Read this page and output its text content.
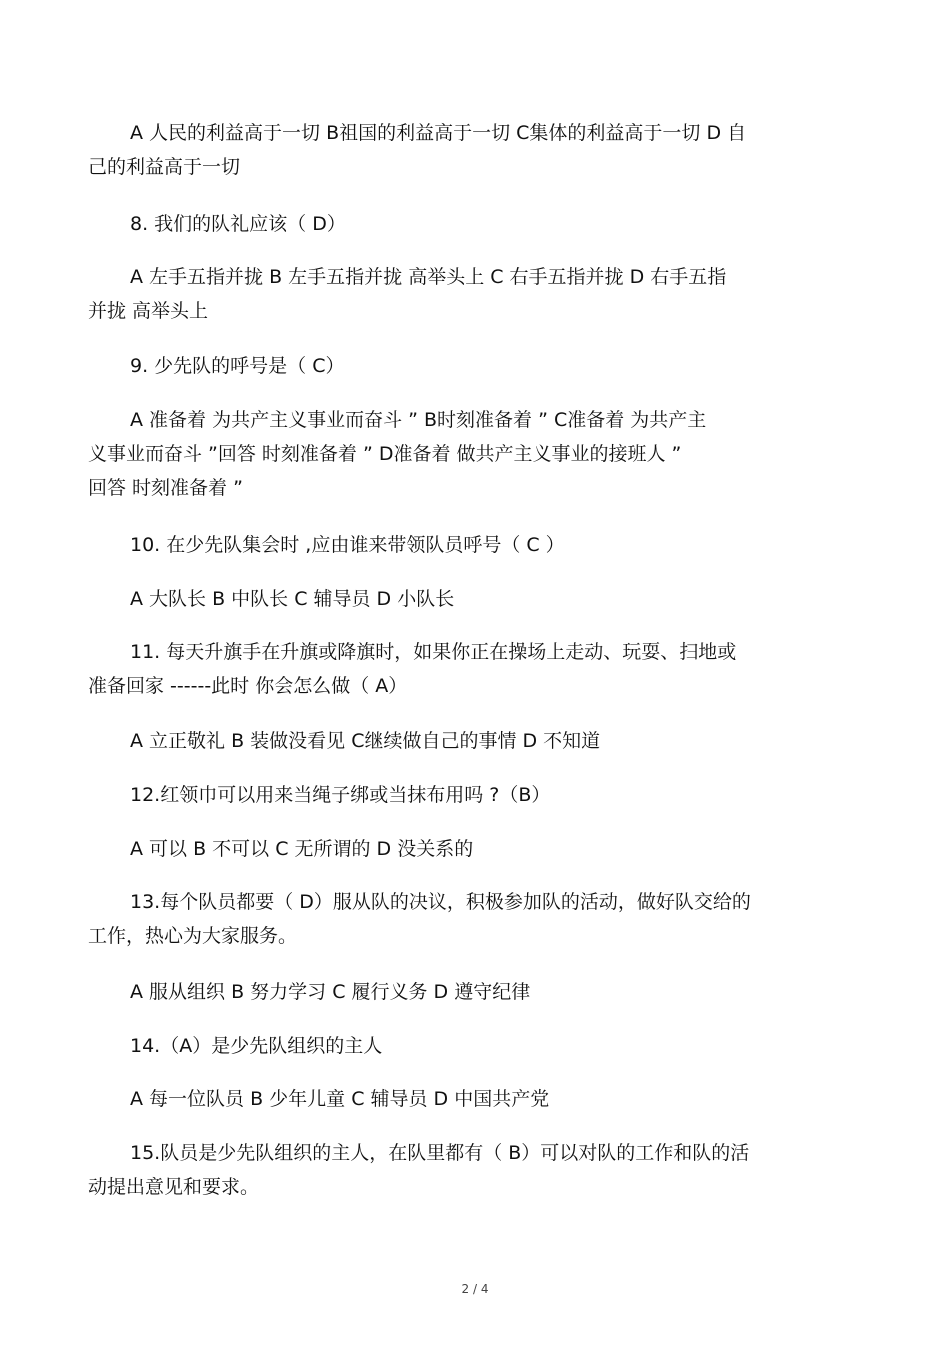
A 人民的利益高于一切 B祖国的利益高于一切 C集体的利益高于一切 D 自
己的利益高于一切
8. 我们的队礼应该（ D）
A 左手五指并拢 B 左手五指并拢 高举头上 C 右手五指并拢 D 右手五指
并拢 高举头上
9. 少先队的呼号是（ C）
A 准备着 为共产主义事业而奋斗 ” B时刻准备着 ” C准备着 为共产主
义事业而奋斗 ”回答 时刻准备着 ” D准备着 做共产主义事业的接班人 ”
回答 时刻准备着 ”
10. 在少先队集会时 ,应由谁来带领队员呼号（ C ）
A 大队长 B 中队长 C 辅导员 D 小队长
11. 每天升旗手在升旗或降旗时，如果你正在操场上走动、玩耍、扫地或
准备回家 ------此时 你会怎么做（ A）
A 立正敬礼 B 装做没看见 C继续做自己的事情 D 不知道
12.红领巾可以用来当绳子绑或当抹布用吗 ?（B）
A 可以 B 不可以 C 无所谓的 D 没关系的
13.每个队员都要（ D）服从队的决议，积极参加队的活动，做好队交给的
工作，热心为大家服务。
A 服从组织 B 努力学习 C 履行义务 D 遵守纪律
14.（A）是少先队组织的主人
A 每一位队员 B 少年儿童 C 辅导员 D 中国共产党
15.队员是少先队组织的主人，在队里都有（ B）可以对队的工作和队的活
动提出意见和要求。
2 / 4
